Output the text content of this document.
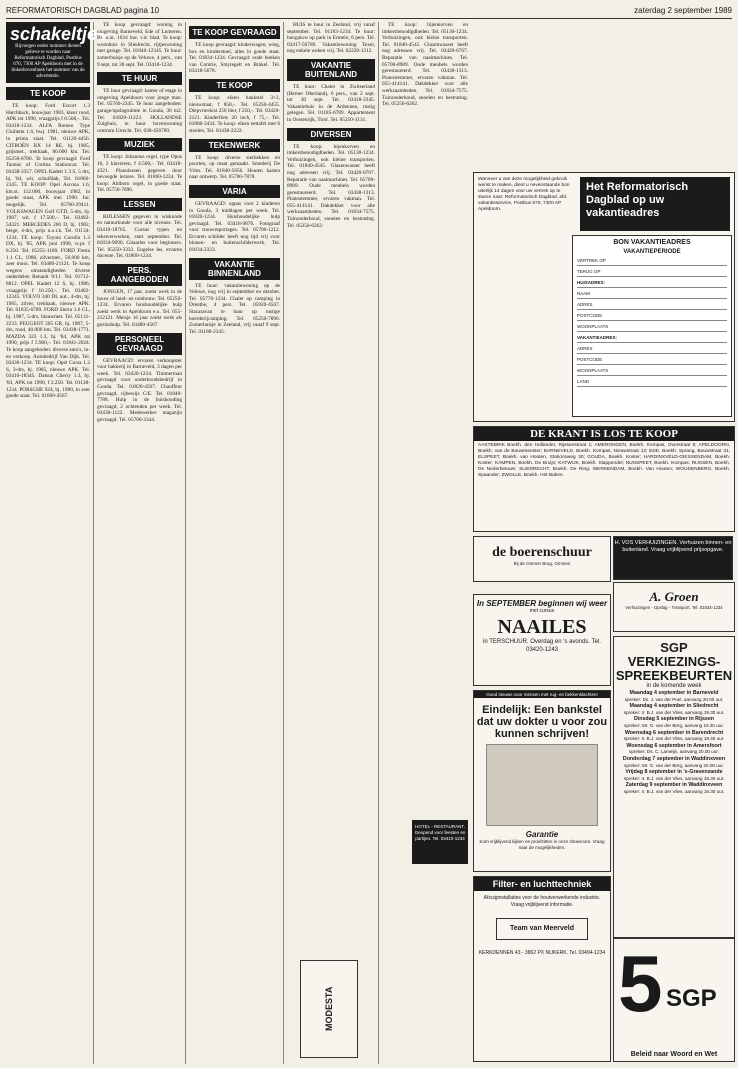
REFORMATORISCH DAGBLAD pagina 10	zaterdag 2 september 1989
schakeltjes
Bijvoegen onder nummer dienen gelieve te worden naar Reformatorisch Dagblad, Postbus 670, 7300 AP Apeldoorn met in de linkerbovenhoek het nummer van de advertentie.
TE KOOP

TE koop: Ford Escort 1.3 Hatchback, bouwjaar 1983, kleur rood, APK tot 1990, vraagprijs f 6.500,-. Tel. 03418-1234. ALFA Romeo Type Giulietta 1.6, bwj. 1981, nieuwe APK, in prima staat. Tel. 01120-4456. CITROËN BX 14 RE, bj. 1985, grijsmet., trekhaak, 80.000 km. Tel. 05250-6780. Te koop gevraagd: Ford Taunus of Cortina Stationcar. Tel. 03438-3357. OPEL Kadett 1.3 S, 5 drs, bj. '84, wit, schuifdak, Tel. 01866-2345. TE KOOP: Opel Ascona 1.6, km.st. 112.000, bouwjaar 1982, in goede staat, APK mei 1990. Inr. mogelijk. Tel. 05700-29411. VOLKSWAGEN Golf GTD, 5-drs, bj. 1987, wit. f 17.500,-. Tel. 03402-54321. MERCEDES 200 D, bj. 1982, beige, 4-drs, prijs n.o.t.k. Tel. 01134-1234. TE koop: Toyota Corolla 1.3 DX, bj. '85, APK juni 1990, vr.pr. f 8.250. Tel. 05255-1180. FORD Fiesta 1.1 CL, 1986, zilvermet., 56.000 km, zeer mooi. Tel. 03480-21121. Te koop wegens omstandigheden diverse onderdelen Renault 9/11. Tel. 01712-8812. OPEL Kadett 12 S, bj. 1986, vraagprijs f 10.250,-. Tel. 03402-12345. VOLVO 340 DL aut., 4-drs, bj. 1985, zilver, trekhaak, nieuwe APK. Tel. 01835-6789. FORD Sierra 1.6 CL, bj. 1987, 5-drs, blauwmet. Tel. 05131-2233. PEUGEOT 205 GR, bj. 1987, 5-drs, rood, 40.000 km. Tel. 03438-1771. MAZDA 323 1.3, bj. '84, APK tot 1990, prijs f 5.900,-. Tel. 01841-2024. Te koop aangeboden: diverse auto's, in- en verkoop. Autobedrijf Van Dijk. Tel. 03436-1234. TE koop: Opel Corsa 1.2 S, 3-drs, bj. 1985, nieuwe APK. Tel. 03410-18345. Datsun Cherry 1.3, bj. '83, APK tot 1990, f 2.250. Tel. 01138-1234. PORSCHE 924, bj. 1980, in zeer goede staat. Tel. 01660-4567.

TE koop gevraagd: woning in omgeving Barneveld, Ede of Lunteren. Br. o.nr. 1034 bur. v.d. blad. Te koop: woonhuis in Sliedrecht, rijtjeswoning met garage. Tel. 01840-12345. Te huur: zomerhuisje op de Veluwe, 4 pers., van 9 sept. tot 30 sept. Tel. 03418-1234.

TE HUUR

TE huur gevraagd: kamer of etage in omgeving Apeldoorn voor jonge man. Tel. 05760-2345. Te huur aangeboden: garage/opslagruimte in Gouda, 30 m2. Tel. 01820-11223. HOLLANDSE Zuigbuis, te huur bovenwoning centrum Utrecht. Tel. 030-456789.

MUZIEK

TE koop: Johannus orgel, type Opus 10, 2 klavieren, f 4.500,-. Tel. 03418-4321. Pianolessen gegeven door bevoegde lerares. Tel. 01860-1234. Te koop: Ahlborn orgel, in goede staat. Tel. 05750-7896.

LESSEN

BIJLESSEN gegeven in wiskunde en natuurkunde voor alle niveaus. Tel. 03410-18765. Cursus typen en tekstverwerken, start september. Tel. 01834-9090. Gitaarles voor beginners. Tel. 05250-3333. Engelse les, ervaren docente. Tel. 01800-1234.

PERS. AANGEBODEN

JONGEN, 17 jaar, zoekt werk in de bouw of land- en tuinbouw. Tel. 05250-1234. Ervaren huishoudelijke hulp zoekt werk in Apeldoorn e.o. Tel. 055-212121. Meisje 16 jaar zoekt werk als gezinshulp. Tel. 03480-4567.

PERSONEEL GEVRAAGD

GEVRAAGD: ervaren verkoopster voor bakkerij in Barneveld, 3 dagen per week. Tel. 03420-1234. Timmerman gevraagd voor onderhoudsbedrijf in Gouda. Tel. 01820-4567. Chauffeur gevraagd, rijbewijs C/E. Tel. 01840-7788. Hulp in de huishouding gevraagd, 2 ochtenden per week. Tel. 03430-1122. Medewerker magazijn gevraagd. Tel. 05700-3344.

TE KOOP GEVRAAGD

TE koop gevraagd: kinderwagen, wieg, box en kinderstoel, alles in goede staat. Tel. 01834-1234. Gevraagd: oude boeken van Comrie, Smytegelt en Brakel. Tel. 03418-5678.

TE KOOP

TE koop: eiken bankstel 3+2, nieuwstaat, f 850,-. Tel. 05250-4455. Diepvrieskist 250 liter, f 250,-. Tel. 03420-2121. Kinderfiets 20 inch, f 75,-. Tel. 01860-3434. Te koop: eiken eettafel met 6 stoelen. Tel. 03438-2222.

TEKENWERK

TE koop: diverse sierhekken en poorten, op maat gemaakt. Smederij De Vries. Tel. 01840-5656. Houten kasten naar ontwerp. Tel. 05760-7878.

VARIA

GEVRAAGD: oppas voor 2 kinderen in Gouda, 3 middagen per week. Tel. 01820-1234. Huishoudelijke hulp gevraagd. Tel. 03418-9876. Fotograaf voor trouwreportages. Tel. 05700-1212. Ervaren schilder heeft nog tijd vrij voor binnen- en buitenschilderwerk. Tel. 01834-2323.

VAKANTIE BINNENLAND

TE huur: vakantiewoning op de Veluwe, nog vrij in september en oktober. Tel. 05770-1234. Chalet op camping in Drenthe, 4 pers. Tel. 05920-4567. Stacaravan te huur op rustige boerderijcamping. Tel. 05250-7890. Zomerhuisje in Zeeland, vrij vanaf 9 sept. Tel. 01180-2345.

HUIS te huur in Zeeland, vrij vanaf september. Tel. 01183-1234. Te huur: bungalow op park in Ermelo, 6 pers. Tel. 03417-56789. Vakantiewoning Texel, nog enkele weken vrij. Tel. 02220-1212.

VAKANTIE BUITENLAND

TE huur: Chalet in Zwitserland (Berner Oberland), 6 pers., van 2 sept. tot 30 sept. Tel. 03418-2345. Vakantiehuis in de Ardennen, rustig gelegen. Tel. 01185-6789. Appartement in Oostenrijk, Tirol. Tel. 05250-3131.

DIVERSEN

TE koop: bijenkorven en imkersbenodigdheden. Tel. 05130-1234. Verhuizingen, ook kleine transporten. Tel. 01840-4545. Glazenwasser heeft nog adressen vrij. Tel. 03420-6767. Reparatie van naaimachines. Tel. 05700-8989. Oude meubels worden gerestaureerd. Tel. 03438-1313. Pianostemmer, ervaren vakman. Tel. 055-414141. Dakdekker voor alle werkzaamheden. Tel. 01834-7575. Tuinonderhoud, snoeien en bestrating. Tel. 05250-6262.

TE koop: bijenkorven en imkersbenodigdheden. Tel. 05130-1234. Verhuizingen, ook kleine transporten. Tel. 01840-4545. Glazenwasser heeft nog adressen vrij. Tel. 03420-6767. Reparatie van naaimachines. Tel. 05700-8989. Oude meubels worden gerestaureerd. Tel. 03438-1313. Pianostemmer, ervaren vakman. Tel. 055-414141. Dakdekker voor alle werkzaamheden. Tel. 01834-7575. Tuinonderhoud, snoeien en bestrating. Tel. 05250-6262.

Wanneer u van deze mogelijkheid gebruik wenst te maken, dient u nevenstaande bon uiterlijk 14 dagen voor uw vertrek op te sturen naar: Reformatorisch Dagblad, afd. vakantieservice, Postbus 670, 7300 AP Apeldoorn.
Het Reformatorisch Dagblad op uw vakantieadres
BON VAKANTIEADRES
VAKANTIEPERIODE
VERTREK OP
TERUG OP
HUISADRES:
NAAM
ADRES
POSTCODE
WOONPLAATS
VAKANTIEADRES:
ADRES
POSTCODE
WOONPLAATS
LAND
DE KRANT IS LOS TE KOOP
AASTEBRIK Boekh. den Hollander, Rijssenstraat 1; AMERONGEN, Boekh. Kompas, Overstraat 8; APELDOORN, Boekh. van de Bouwmeester; BARNEVELD, Boekh. Kompas, Nieuwstraat 12; EDE, Boekh. Sprang, Bouwstraat 31; ELSPEET, Boekh. van Houten, Stationsweg 30; GOUDA, Boekh. Koster; HARDINXVELD-GIESSENDAM, Boekh. Koster; KAMPEN, Boekh. De Bruijn; KATWIJK, Boekh. Slappendel; NUNSPEET, Boekh. Kompas; RIJSSEN, Boekh. De Nederbetuwe; SLIEDRECHT, Boekh. De Ring; WERKENDAM, Boekh. Van Houten; WOUDENBERG, Boekh. Spaander; ZWOLLE, Boekh. Het Baken.
de boerenschuur
Bij de Ommer Brug, Ommen
H. VOS VERHUIZINGEN. Verhuizen binnen- en buitenland. Vraag vrijblijvend prijsopgave.
A. Groen
Verhuizingen - Opslag - Transport. Tel. 01834-1234
In SEPTEMBER beginnen wij weer
met cursus
NAAILES
in TERSCHUUR. Overdag en 's avonds. Tel. 03420-1243
Goed nieuws voor mensen met rug- en bekkenklachten!
Eindelijk: Een bankstel dat uw dokter u voor zou kunnen schrijven!
Garantie
Kom vrijblijvend kijken en proefzitten in onze showroom. Vraag naar de mogelijkheden.
SGP VERKIEZINGS-SPREEKBEURTEN
in de komende week
Maandag 4 september in Barneveld
spreker: Ds. J. van der Poel, aanvang 20.00 uur.
Maandag 4 september in Sliedrecht
spreker: Ir. B.J. van der Vlies, aanvang 19.30 uur.
Dinsdag 5 september in Rijssen
spreker: Mr. G. van der Berg, aanvang 19.30 uur.
Woensdag 6 september in Barendrecht
spreker: Ir. B.J. van der Vlies, aanvang 19.45 uur.
Woensdag 6 september in Amersfoort
spreker: Ds. C. Lameijn, aanvang 20.00 uur.
Donderdag 7 september in Waddinxveen
spreker: Mr. G. van der Berg, aanvang 20.00 uur.
Vrijdag 8 september in 's-Gravenzande
spreker: Ir. B.J. van der Vlies, aanvang 19.30 uur.
Zaterdag 9 september in Waddinxveen
spreker: Ir. B.J. van der Vlies, aanvang 19.30 uur.
5 SGP
Beleid naar Woord en Wet
Filter- en luchttechniek
Afzuiginstallaties voor de houtverwerkende industrie. Vraag vrijblijvend informatie.
Team van Meerveld
KERKDENNEN 43 - 3862 PX NIJKERK. Tel. 03494-1234
HOTEL - RESTAURANT. Geopend voor feesten en partijen. Tel. 03410-1234
MODESTA
